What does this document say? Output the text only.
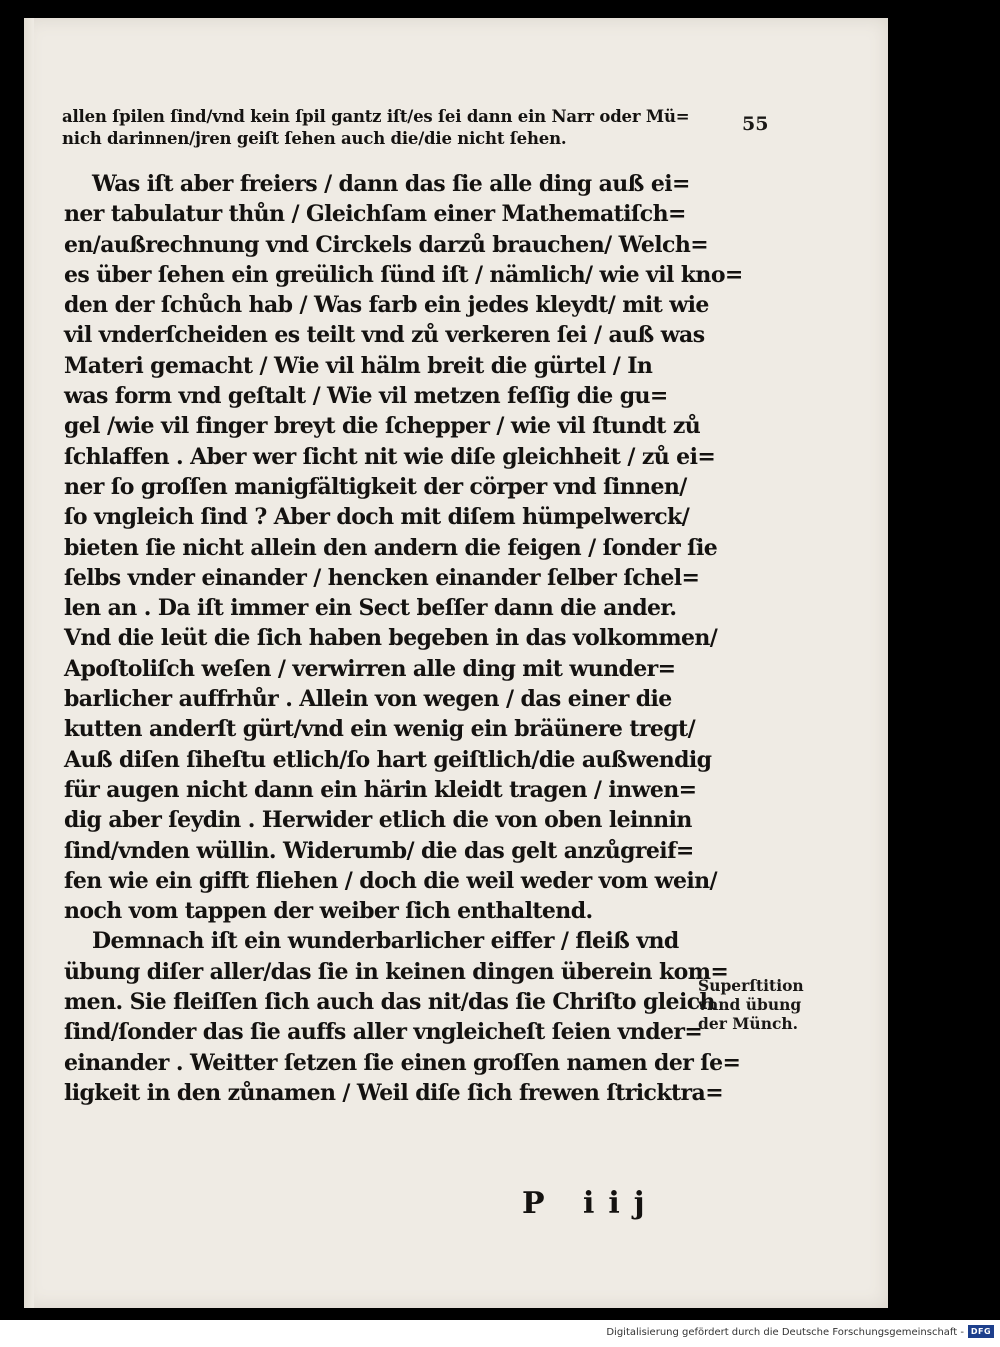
allen ſpilen ſind/vnd kein ſpil gantz iſt/es ſei dann ein Narr oder Mü=
nich darinnen/jren geiſt ſehen auch die/die nicht ſehen.
55
Was iſt aber freiers / dann das ſie alle ding auß ei=
ner tabulatur thůn / Gleichſam einer Mathematiſch=
en/außrechnung vnd Circkels darzů brauchen/ Welch=
es über ſehen ein greülich ſünd iſt / nämlich/ wie vil kno=
den der ſchůch hab / Was farb ein jedes kleydt/ mit wie
vil vnderſcheiden es teilt vnd zů verkeren ſei / auß was
Materi gemacht / Wie vil hälm breit die gürtel / In
was form vnd geſtalt / Wie vil metzen feſſig die gu=
gel /wie vil finger breyt die ſchepper / wie vil ſtundt zů
ſchlaffen . Aber wer ſicht nit wie diſe gleichheit / zů ei=
ner ſo groſſen manigfältigkeit der cörper vnd ſinnen/
ſo vngleich ſind ? Aber doch mit diſem hümpelwerck/
bieten ſie nicht allein den andern die feigen / ſonder ſie
ſelbs vnder einander / hencken einander ſelber ſchel=
len an . Da iſt immer ein Sect beſſer dann die ander.
Vnd die leüt die ſich haben begeben in das volkommen/
Apoſtoliſch weſen / verwirren alle ding mit wunder=
barlicher auffrhůr . Allein von wegen / das einer die
kutten anderſt gürt/vnd ein wenig ein bräünere tregt/
Auß diſen ſiheſtu etlich/ſo hart geiſtlich/die außwendig
für augen nicht dann ein härin kleidt tragen / inwen=
dig aber ſeydin . Herwider etlich die von oben leinnin
ſind/vnden wüllin. Widerumb/ die das gelt anzůgreif=
fen wie ein gifft fliehen / doch die weil weder vom wein/
noch vom tappen der weiber ſich enthaltend.
Demnach iſt ein wunderbarlicher eiffer / fleiß vnd
übung diſer aller/das ſie in keinen dingen überein kom=
men. Sie fleiſſen ſich auch das nit/das ſie Chriſto gleich
ſind/ſonder das ſie auffs aller vngleicheſt ſeien vnder=
einander . Weitter ſetzen ſie einen groſſen namen der ſe=
ligkeit in den zůnamen / Weil diſe ſich frewen ſtricktra=
Superſtition
vnnd übung
der Münch.
P iij
Digitalisierung gefördert durch die Deutsche Forschungsgemeinschaft - DFG
